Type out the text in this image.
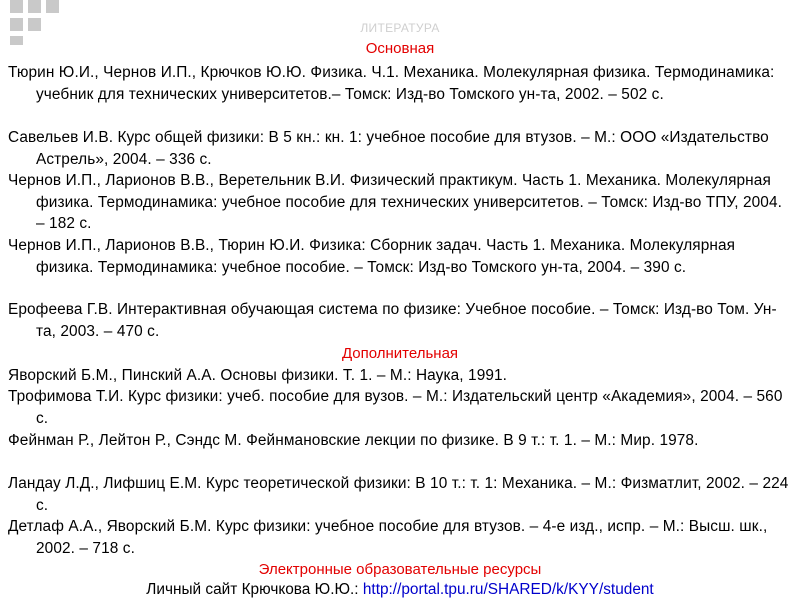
ЛИТЕРАТУРА
Основная
Тюрин Ю.И., Чернов И.П., Крючков Ю.Ю. Физика. Ч.1. Механика. Молекулярная физика. Термодинамика: учебник для технических университетов.– Томск: Изд-во Томского ун-та, 2002. – 502 с.
Савельев И.В. Курс общей физики: В 5 кн.: кн. 1: учебное пособие для втузов. – М.: ООО «Издательство Астрель», 2004. – 336 с.
Чернов И.П., Ларионов В.В., Веретельник В.И. Физический практикум. Часть 1. Механика. Молекулярная физика. Термодинамика: учебное пособие для технических университетов. – Томск: Изд-во ТПУ, 2004. – 182 с.
Чернов И.П., Ларионов В.В., Тюрин Ю.И. Физика: Сборник задач. Часть 1. Механика. Молекулярная физика. Термодинамика: учебное пособие. – Томск: Изд-во Томского ун-та, 2004. – 390 с.
Ерофеева Г.В. Интерактивная обучающая система по физике: Учебное пособие. – Томск: Изд-во Том. Ун-та, 2003. – 470 с.
Дополнительная
Яворский Б.М., Пинский А.А. Основы физики. Т. 1. – М.: Наука, 1991.
Трофимова Т.И. Курс физики: учеб. пособие для вузов. – М.: Издательский центр «Академия», 2004. – 560 с.
Фейнман Р., Лейтон Р., Сэндс М. Фейнмановские лекции по физике. В 9 т.: т. 1. – М.: Мир. 1978.
Ландау Л.Д., Лифшиц Е.М. Курс теоретической физики: В 10 т.: т. 1: Механика. – М.: Физматлит, 2002. – 224 с.
Детлаф А.А., Яворский Б.М. Курс физики: учебное пособие для втузов. – 4-е изд., испр. – М.: Высш. шк., 2002. – 718 с.
Электронные образовательные ресурсы
Личный сайт Крючкова Ю.Ю.: http://portal.tpu.ru/SHARED/k/KYY/student
